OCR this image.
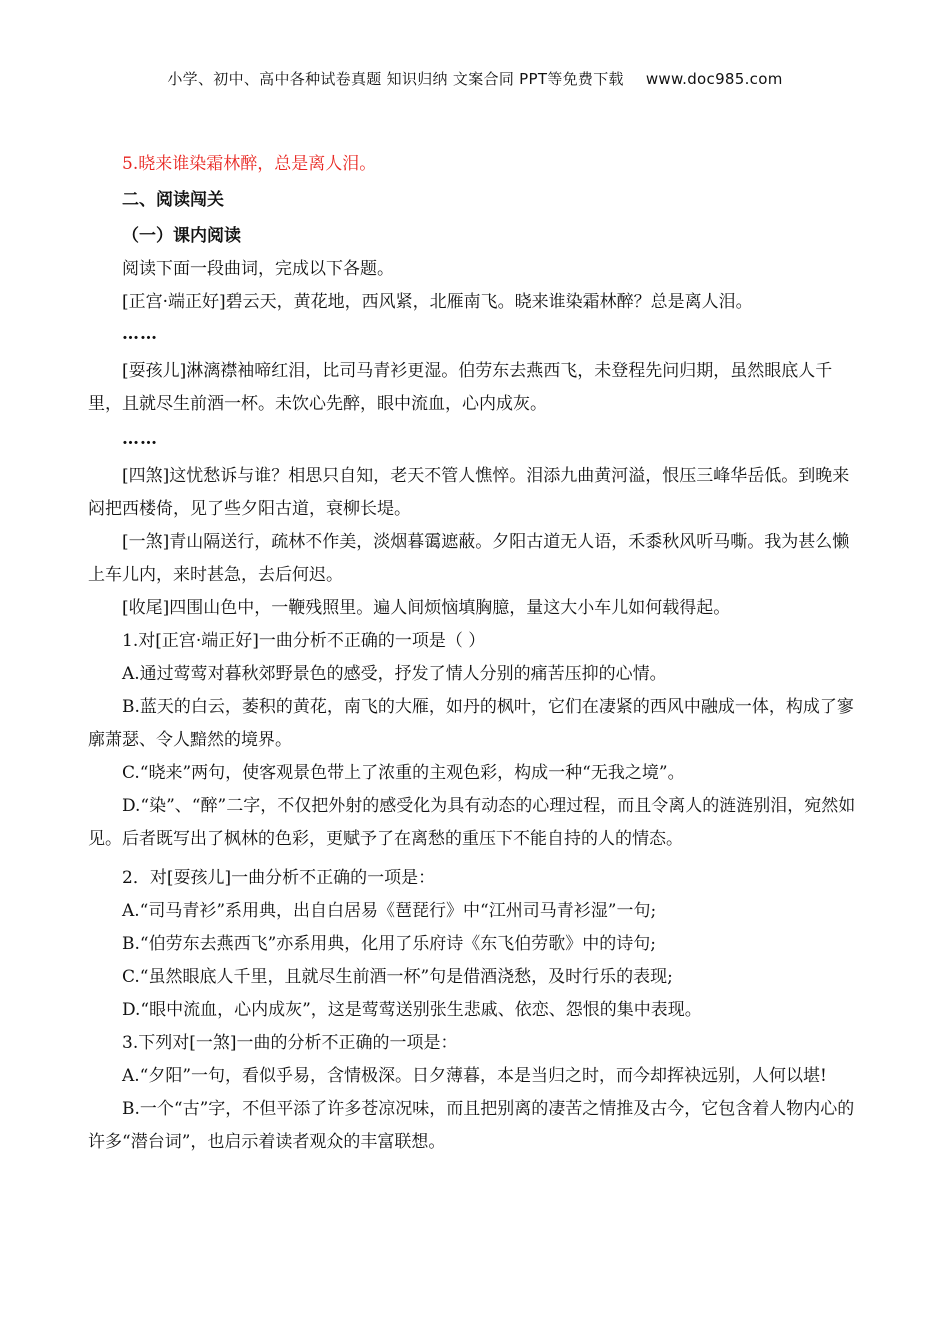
小学、初中、高中各种试卷真题 知识归纳 文案合同 PPT等免费下载 www.doc985.com

5.晓来谁染霜林醉，总是离人泪。

二、阅读闯关

（一）课内阅读

阅读下面一段曲词，完成以下各题。

[正宫·端正好]碧云天，黄花地，西风紧，北雁南飞。晓来谁染霜林醉？总是离人泪。

……

[耍孩儿]淋漓襟袖啼红泪，比司马青衫更湿。伯劳东去燕西飞，未登程先问归期，虽然眼底人千里，且就尽生前酒一杯。未饮心先醉，眼中流血，心内成灰。

……

[四煞]这忧愁诉与谁？相思只自知，老天不管人憔悴。泪添九曲黄河溢，恨压三峰华岳低。到晚来闷把西楼倚，见了些夕阳古道，衰柳长堤。

[一煞]青山隔送行，疏林不作美，淡烟暮霭遮蔽。夕阳古道无人语，禾黍秋风听马嘶。我为甚么懒上车儿内，来时甚急，去后何迟。

[收尾]四围山色中，一鞭残照里。遍人间烦恼填胸臆，量这大小车儿如何载得起。

1.对[正宫·端正好]一曲分析不正确的一项是（ ）

A.通过莺莺对暮秋郊野景色的感受，抒发了情人分别的痛苦压抑的心情。

B.蓝天的白云，萎积的黄花，南飞的大雁，如丹的枫叶，它们在凄紧的西风中融成一体，构成了寥廓萧瑟、令人黯然的境界。

C.“晓来”两句，使客观景色带上了浓重的主观色彩，构成一种“无我之境”。

D.“染”、“醉”二字，不仅把外射的感受化为具有动态的心理过程，而且令离人的涟涟别泪，宛然如见。后者既写出了枫林的色彩，更赋予了在离愁的重压下不能自持的人的情态。

2．对[耍孩儿]一曲分析不正确的一项是：

A.“司马青衫”系用典，出自白居易《琶琵行》中“江州司马青衫湿”一句;

B.“伯劳东去燕西飞”亦系用典，化用了乐府诗《东飞伯劳歌》中的诗句;

C.“虽然眼底人千里，且就尽生前酒一杯”句是借酒浇愁，及时行乐的表现;

D.“眼中流血，心内成灰”，这是莺莺送别张生悲戚、依恋、怨恨的集中表现。

3.下列对[一煞]一曲的分析不正确的一项是：

A.“夕阳”一句，看似乎易，含情极深。日夕薄暮，本是当归之时，而今却挥袂远别，人何以堪!

B.一个“古”字，不但平添了许多苍凉况味，而且把别离的凄苦之情推及古今，它包含着人物内心的许多“潜台词”，也启示着读者观众的丰富联想。
